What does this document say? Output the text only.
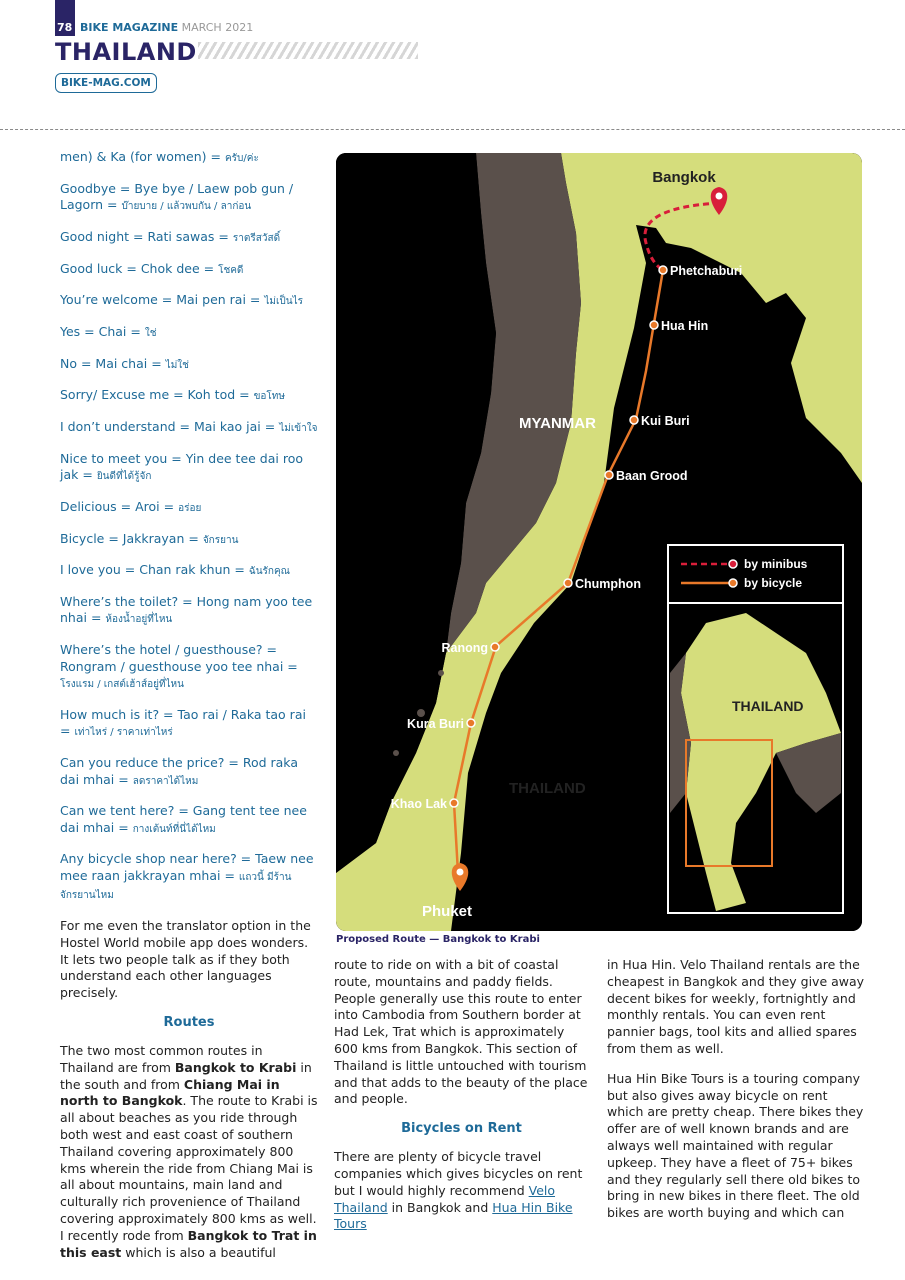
78 BIKE MAGAZINE MARCH 2021
THAILAND
BIKE-MAG.COM
men) & Ka (for women) = ครับ/ค่ะ
Goodbye = Bye bye / Laew pob gun / Lagorn = บ๊ายบาย / แล้วพบกัน / ลาก่อน
Good night = Rati sawas = ราตรีสวัสดิ์
Good luck = Chok dee = โชคดี
You’re welcome = Mai pen rai = ไม่เป็นไร
Yes = Chai = ใช่
No = Mai chai = ไม่ใช่
Sorry/ Excuse me = Koh tod = ขอโทษ
I don’t understand = Mai kao jai = ไม่เข้าใจ
Nice to meet you = Yin dee tee dai roo jak = ยินดีที่ได้รู้จัก
Delicious = Aroi = อร่อย
Bicycle = Jakkrayan = จักรยาน
I love you = Chan rak khun = ฉันรักคุณ
Where’s the toilet? = Hong nam yoo tee nhai = ห้องน้ำอยู่ที่ไหน
Where’s the hotel / guesthouse? = Rongram / guesthouse yoo tee nhai = โรงแรม / เกสต์เฮ้าส์อยู่ที่ไหน
How much is it? = Tao rai / Raka tao rai = เท่าไหร่ / ราคาเท่าไหร่
Can you reduce the price? = Rod raka dai mhai = ลดราคาได้ไหม
Can we tent here? = Gang tent tee nee dai mhai = กางเต้นท์ที่นี่ได้ไหม
Any bicycle shop near here? = Taew nee mee raan jakkrayan mhai = แถวนี้ มีร้านจักรยานไหม

For me even the translator option in the Hostel World mobile app does wonders. It lets two people talk as if they both understand each other languages precisely.

Routes

The two most common routes in Thailand are from Bangkok to Krabi in the south and from Chiang Mai in north to Bangkok. The route to Krabi is all about beaches as you ride through both west and east coast of southern Thailand covering approximately 800 kms wherein the ride from Chiang Mai is all about mountains, main land and culturally rich provenience of Thailand covering approximately 800 kms as well. I recently rode from Bangkok to Trat in this east which is also a beautiful

Phetchaburi
Hua Hin
Kui Buri
Baan Grood
Chumphon
Ranong
Kura Buri
Khao Lak
Bangkok
Phuket
MYANMAR
THAILAND
by minibus
by bicycle
THAILAND
Proposed Route — Bangkok to Krabi

route to ride on with a bit of coastal route, mountains and paddy fields. People generally use this route to enter into Cambodia from Southern border at Had Lek, Trat which is approximately 600 kms from Bangkok. This section of Thailand is little untouched with tourism and that adds to the beauty of the place and people.

Bicycles on Rent

There are plenty of bicycle travel companies which gives bicycles on rent but I would highly recommend Velo Thailand in Bangkok and Hua Hin Bike Tours

in Hua Hin. Velo Thailand rentals are the cheapest in Bangkok and they give away decent bikes for weekly, fortnightly and monthly rentals. You can even rent pannier bags, tool kits and allied spares from them as well.

Hua Hin Bike Tours is a touring company but also gives away bicycle on rent which are pretty cheap. There bikes they offer are of well known brands and are always well maintained with regular upkeep. They have a fleet of 75+ bikes and they regularly sell there old bikes to bring in new bikes in there fleet. The old bikes are worth buying and which can
